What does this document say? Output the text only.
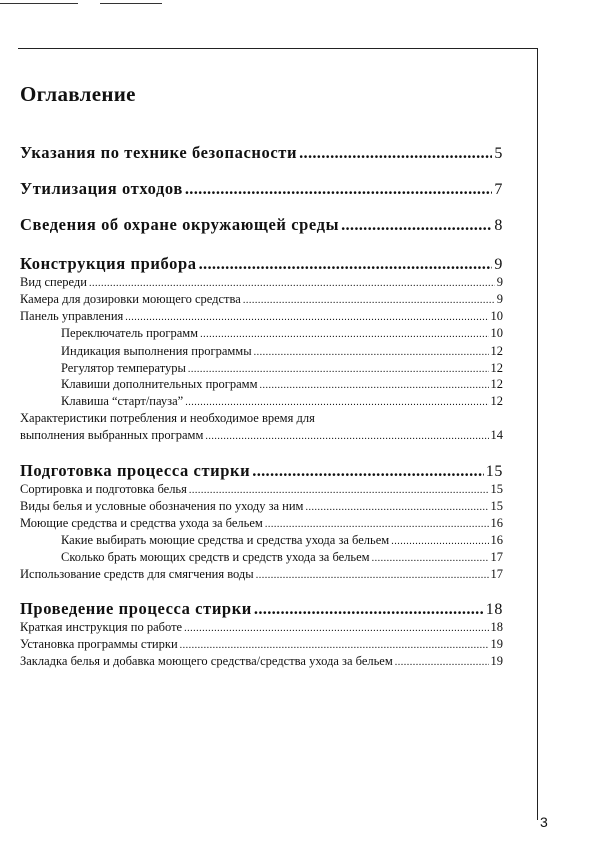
Оглавление
Указания по технике безопасности .....	5
Утилизация отходов .....	7
Сведения об охране окружающей среды .....	8
Конструкция прибора .....	9
Вид спереди .....	9
Камера для дозировки моющего средства .....	9
Панель управления .....	10
Переключатель программ .....	10
Индикация выполнения программы .....	12
Регулятор температуры .....	12
Клавиши дополнительных программ .....	12
Клавиша “старт/пауза” .....	12
Характеристики потребления и необходимое время для
выполнения выбранных программ .....	14
Подготовка процесса стирки .....	15
Сортировка и подготовка белья .....	15
Виды белья и условные обозначения по уходу за ним .....	15
Моющие средства и средства ухода за бельем .....	16
Какие выбирать моющие средства и средства ухода за бельем .....	16
Сколько брать моющих средств и средств ухода за бельем .....	17
Использование средств для смягчения воды .....	17
Проведение процесса стирки .....	18
Краткая инструкция по работе .....	18
Установка программы стирки .....	19
Закладка белья и добавка моющего средства/средства ухода за бельем .....	19
3
